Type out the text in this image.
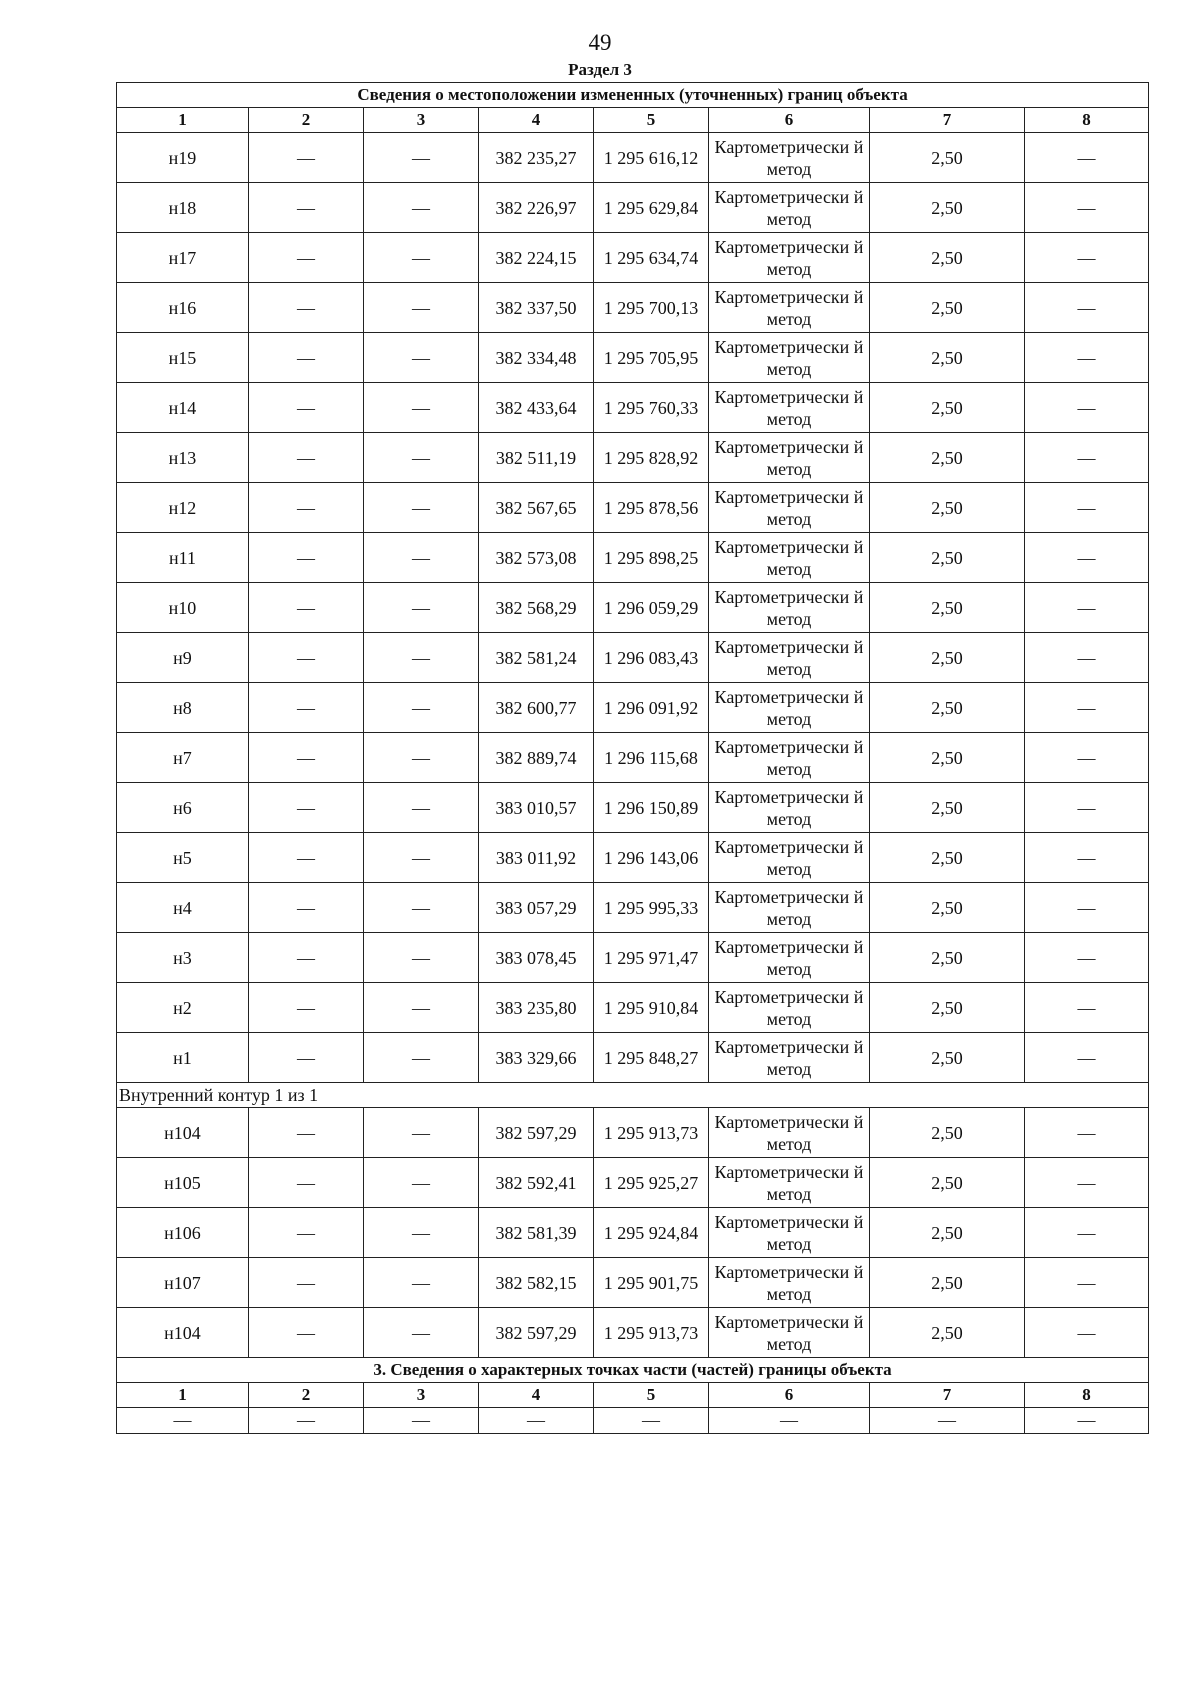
49
Раздел 3
Сведения о местоположении измененных (уточненных) границ объекта							
1	2	3	4	5	6	7	8
н19	—	—	382 235,27	1 295 616,12	Картометрически й метод	2,50	—
н18	—	—	382 226,97	1 295 629,84	Картометрически й метод	2,50	—
н17	—	—	382 224,15	1 295 634,74	Картометрически й метод	2,50	—
н16	—	—	382 337,50	1 295 700,13	Картометрически й метод	2,50	—
н15	—	—	382 334,48	1 295 705,95	Картометрически й метод	2,50	—
н14	—	—	382 433,64	1 295 760,33	Картометрически й метод	2,50	—
н13	—	—	382 511,19	1 295 828,92	Картометрически й метод	2,50	—
н12	—	—	382 567,65	1 295 878,56	Картометрически й метод	2,50	—
н11	—	—	382 573,08	1 295 898,25	Картометрически й метод	2,50	—
н10	—	—	382 568,29	1 296 059,29	Картометрически й метод	2,50	—
н9	—	—	382 581,24	1 296 083,43	Картометрически й метод	2,50	—
н8	—	—	382 600,77	1 296 091,92	Картометрически й метод	2,50	—
н7	—	—	382 889,74	1 296 115,68	Картометрически й метод	2,50	—
н6	—	—	383 010,57	1 296 150,89	Картометрически й метод	2,50	—
н5	—	—	383 011,92	1 296 143,06	Картометрически й метод	2,50	—
н4	—	—	383 057,29	1 295 995,33	Картометрически й метод	2,50	—
н3	—	—	383 078,45	1 295 971,47	Картометрически й метод	2,50	—
н2	—	—	383 235,80	1 295 910,84	Картометрически й метод	2,50	—
н1	—	—	383 329,66	1 295 848,27	Картометрически й метод	2,50	—
Внутренний контур 1 из 1							
н104	—	—	382 597,29	1 295 913,73	Картометрически й метод	2,50	—
н105	—	—	382 592,41	1 295 925,27	Картометрически й метод	2,50	—
н106	—	—	382 581,39	1 295 924,84	Картометрически й метод	2,50	—
н107	—	—	382 582,15	1 295 901,75	Картометрически й метод	2,50	—
н104	—	—	382 597,29	1 295 913,73	Картометрически й метод	2,50	—
3. Сведения о характерных точках части (частей) границы объекта							
1	2	3	4	5	6	7	8
—	—	—	—	—	—	—	—
